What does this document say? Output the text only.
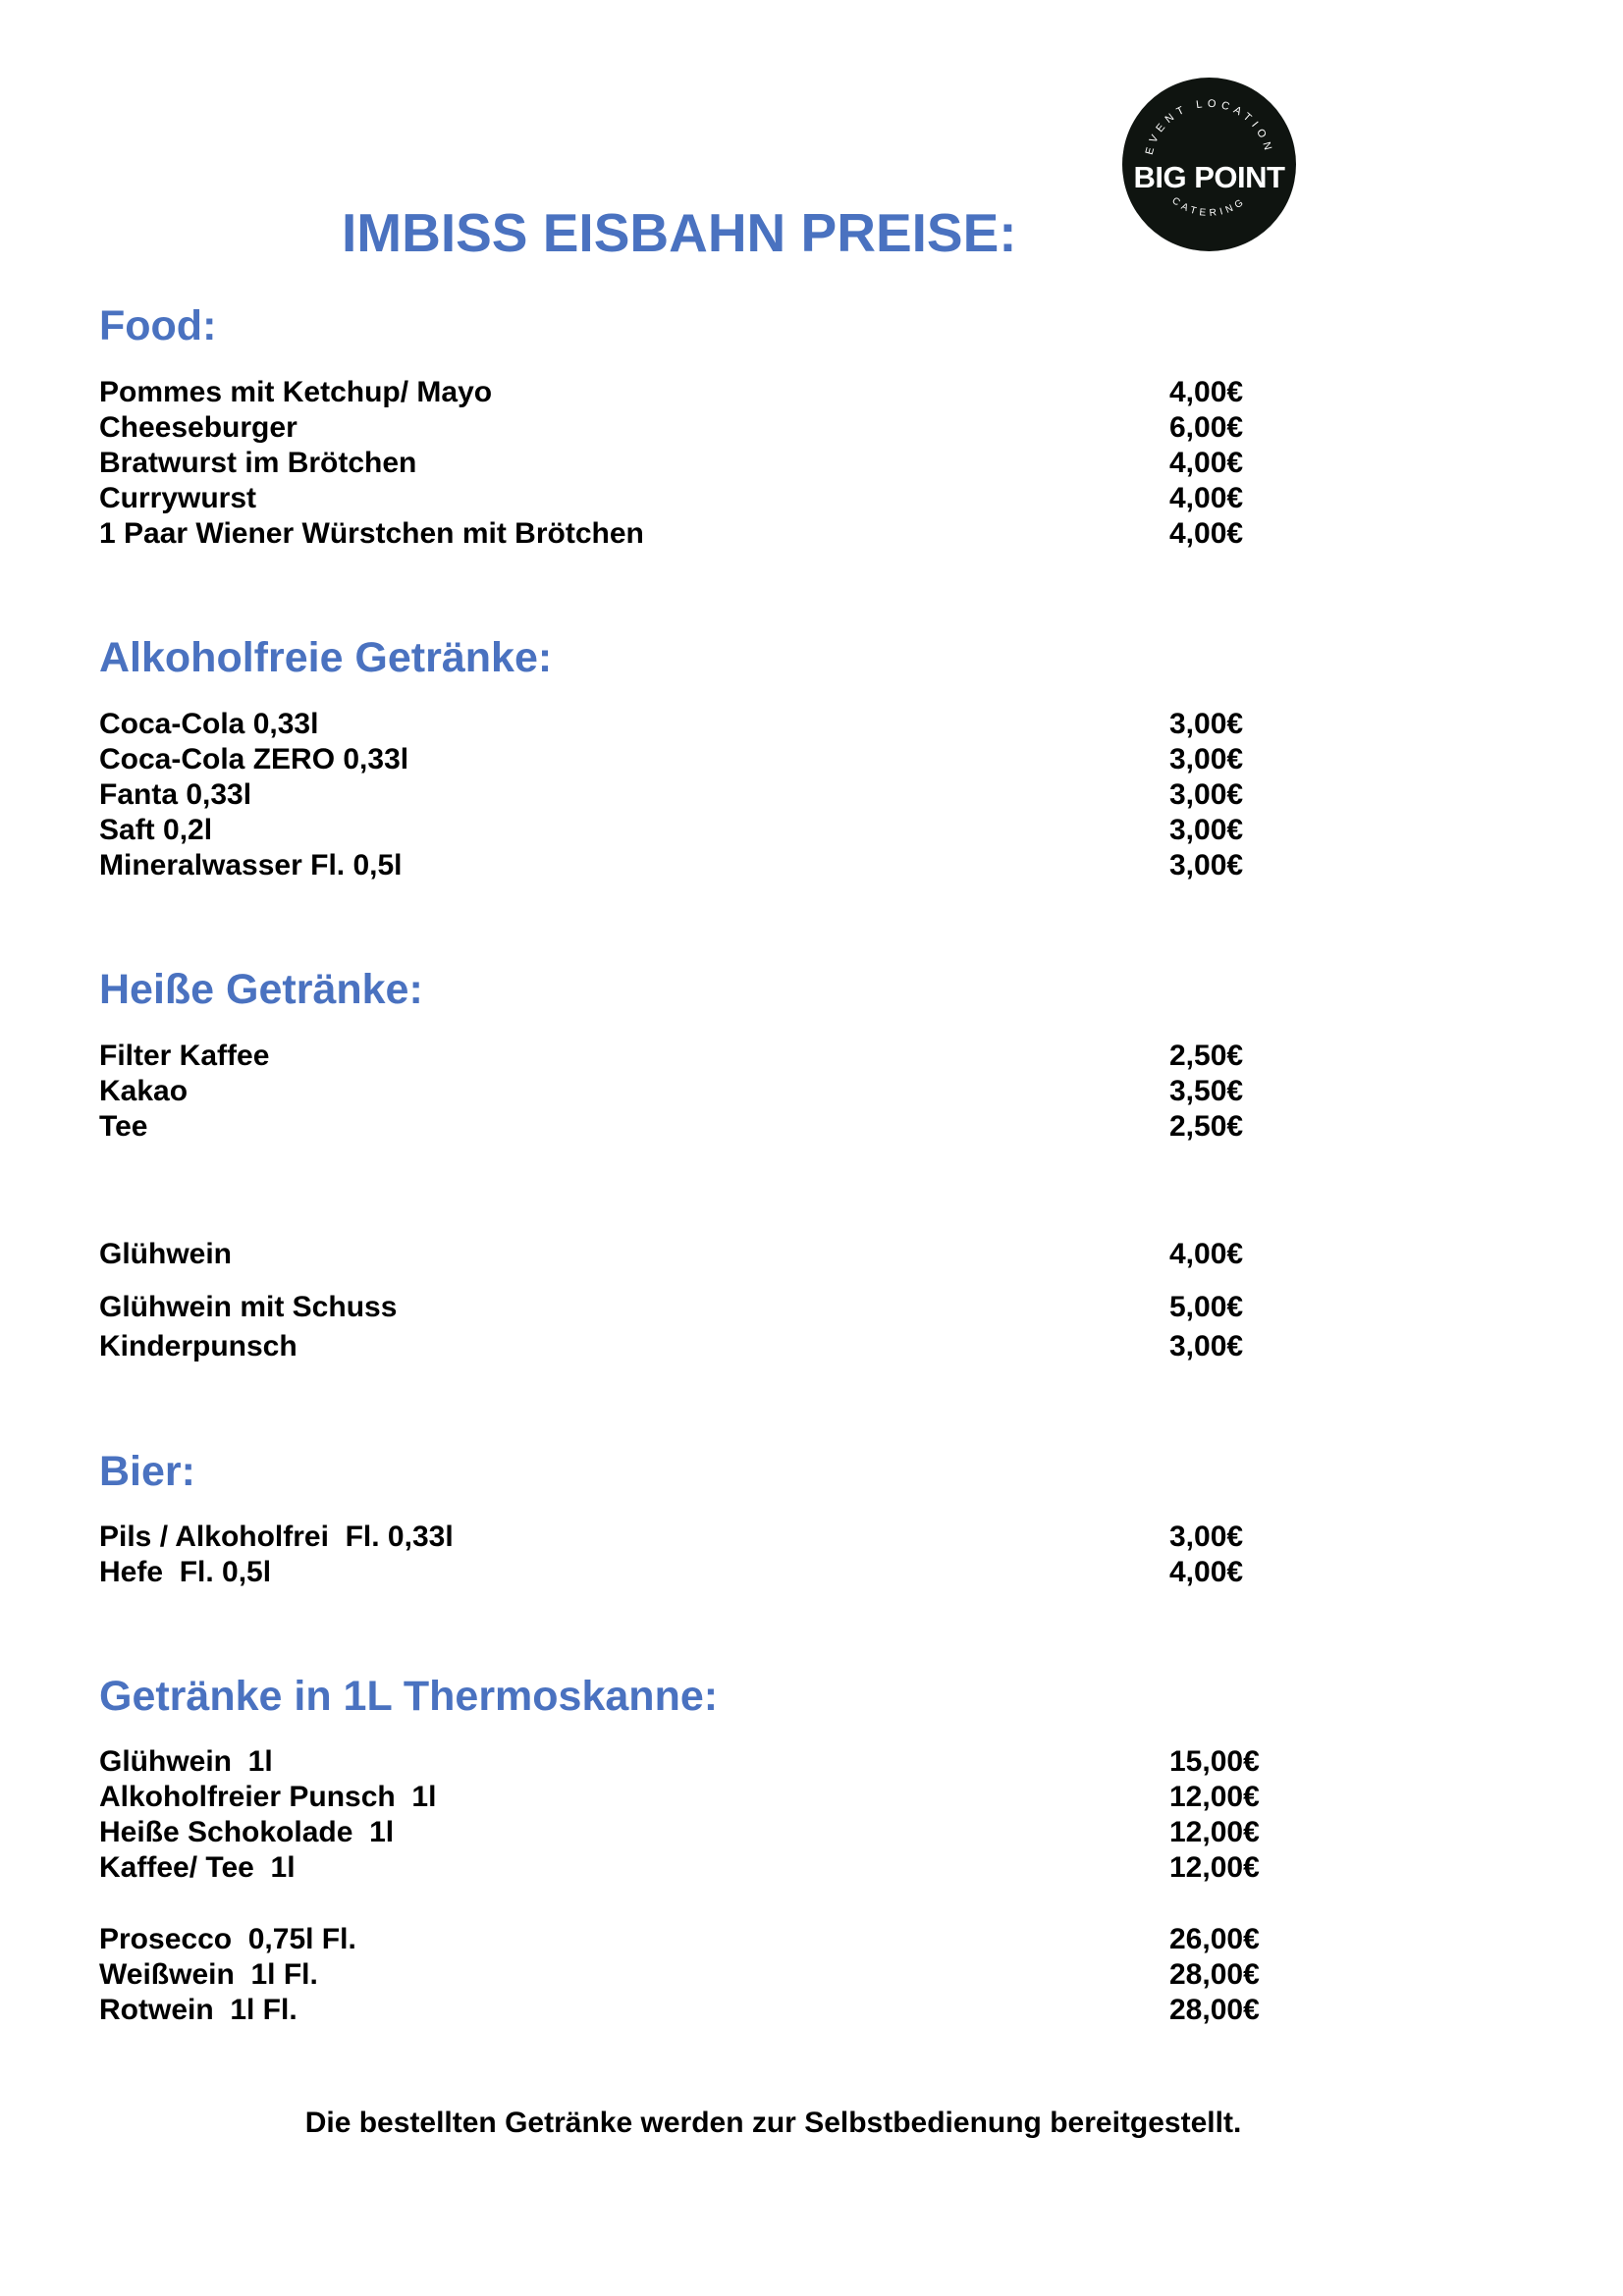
EVENT LOCATION
CATERING
BIG POINT
IMBISS EISBAHN PREISE:
Food:
Pommes mit Ketchup/ Mayo	4,00€
Cheeseburger	6,00€
Bratwurst im Brötchen	4,00€
Currywurst	4,00€
1 Paar Wiener Würstchen mit Brötchen	4,00€
Alkoholfreie Getränke:
Coca-Cola 0,33l	3,00€
Coca-Cola ZERO 0,33l	3,00€
Fanta 0,33l	3,00€
Saft 0,2l	3,00€
Mineralwasser Fl. 0,5l	3,00€
Heiße Getränke:
Filter Kaffee	2,50€
Kakao	3,50€
Tee	2,50€
Glühwein	4,00€
Glühwein mit Schuss	5,00€
Kinderpunsch	3,00€
Bier:
Pils / Alkoholfrei  Fl. 0,33l	3,00€
Hefe  Fl. 0,5l	4,00€
Getränke in 1L Thermoskanne:
Glühwein  1l	15,00€
Alkoholfreier Punsch  1l	12,00€
Heiße Schokolade  1l	12,00€
Kaffee/ Tee  1l	12,00€
Prosecco  0,75l Fl.	26,00€
Weißwein  1l Fl.	28,00€
Rotwein  1l Fl.	28,00€
Die bestellten Getränke werden zur Selbstbedienung bereitgestellt.
